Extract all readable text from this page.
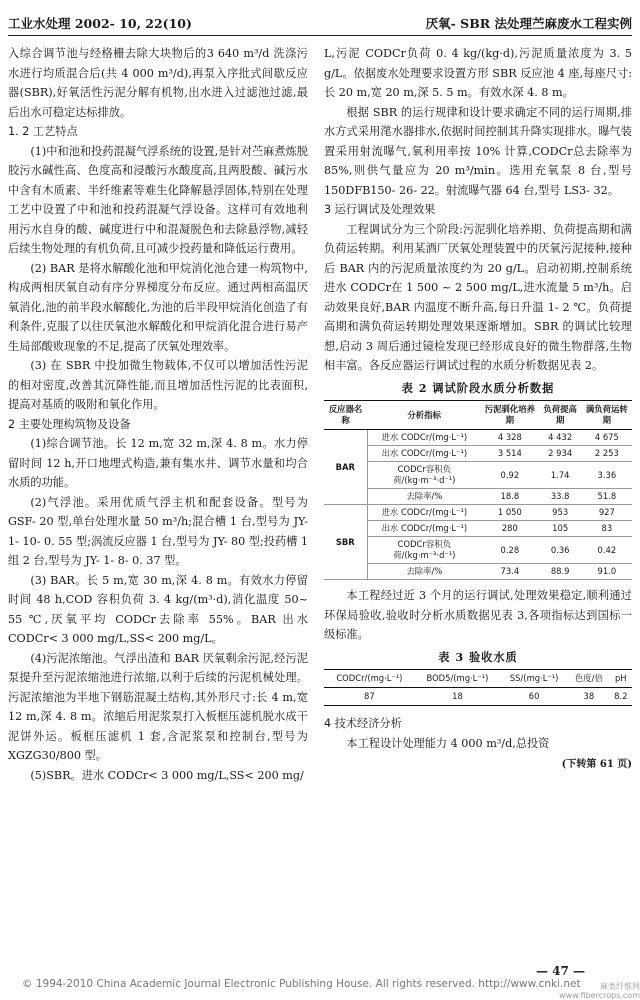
工业水处理 2002- 10, 22(10)	厌氧- SBR 法处理苎麻废水工程实例

入综合调节池与经格栅去除大块物后的3 640 m³/d 洗涤污水进行均质混合后(共 4 000 m³/d),再泵入序批式间歇反应器(SBR),好氧活性污泥分解有机物,出水进入过滤池过滤,最后出水可稳定达标排放。

1. 2 工艺特点

(1)中和池和投药混凝气浮系统的设置,是针对苎麻煮炼脱胶污水碱性高、色度高和浸酸污水酸度高,且两股酸、碱污水中含有木质素、半纤维素等难生化降解悬浮固体,特别在处理工艺中设置了中和池和投药混凝气浮设备。这样可有效地利用污水自身的酸、碱度进行中和混凝脱色和去除悬浮物,减轻后续生物处理的有机负荷,且可减少投药量和降低运行费用。

(2) BAR 是将水解酸化池和甲烷消化池合建一构筑物中,构成两相厌氧自动有序分界梯度分布反应。通过两相高温厌氧消化,池的前半段水解酸化,为池的后半段甲烷消化创造了有利条件,克服了以往厌氧池水解酸化和甲烷消化混合进行易产生局部酸败现象的不足,提高了厌氧处理效率。

(3) 在 SBR 中投加微生物载体,不仅可以增加活性污泥的相对密度,改善其沉降性能,而且增加活性污泥的比表面积,提高对基质的吸附和氧化作用。

2 主要处理构筑物及设备

(1)综合调节池。长 12 m,宽 32 m,深 4. 8 m。水力停留时间 12 h,开口地埋式构造,兼有集水井、调节水量和均合水质的功能。

(2)气浮池。采用优质气浮主机和配套设备。型号为 GSF- 20 型,单台处理水量 50 m³/h;混合槽 1 台,型号为 JY- 1- 10- 0. 55 型;涡流反应器 1 台,型号为 JY- 80 型;投药槽 1 组 2 台,型号为 JY- 1- 8- 0. 37 型。

(3) BAR。长 5 m,宽 30 m,深 4. 8 m。有效水力停留时间 48 h,COD 容积负荷 3. 4 kg/(m³·d),消化温度 50~ 55 ℃,厌氧平均 CODCr去除率 55%。BAR 出水 CODCr< 3 000 mg/L,SS< 200 mg/L。

(4)污泥浓缩池。气浮出渣和 BAR 厌氧剩余污泥,经污泥泵提升至污泥浓缩池进行浓缩,以利于后续的污泥机械处理。污泥浓缩池为半地下钢筋混凝土结构,其外形尺寸:长 4 m,宽 12 m,深 4. 8 m。浓缩后用泥浆泵打入板框压滤机脱水成干泥饼外运。板框压滤机 1 套,含泥浆泵和控制台,型号为 XGZG30/800 型。

(5)SBR。进水 CODCr< 3 000 mg/L,SS< 200 mg/

L,污泥 CODCr负荷 0. 4 kg/(kg·d),污泥质量浓度为 3. 5 g/L。依据废水处理要求设置方形 SBR 反应池 4 座,每座尺寸:长 20 m,宽 20 m,深 5. 5 m。有效水深 4. 8 m。

根据 SBR 的运行规律和设计要求确定不同的运行周期,排水方式采用滗水器排水,依据时间控制其升降实现排水。曝气装置采用射流曝气,氧利用率按 10% 计算,CODCr总去除率为 85%,则供气量应为 20 m³/min。选用充氧泵 8 台,型号 150DFB150- 26- 22。射流曝气器 64 台,型号 LS3- 32。

3 运行调试及处理效果

工程调试分为三个阶段:污泥驯化培养期、负荷提高期和满负荷运转期。利用某酒厂厌氧处理装置中的厌氧污泥接种,接种后 BAR 内的污泥质量浓度约为 20 g/L。启动初期,控制系统进水 CODCr在 1 500 ~ 2 500 mg/L,进水流量 5 m³/h。启动效果良好,BAR 内温度不断升高,每日升温 1- 2 ℃。负荷提高期和满负荷运转期处理效果逐渐增加。SBR 的调试比较理想,启动 3 周后通过镜检发现已经形成良好的微生物群落,生物相丰富。各反应器运行调试过程的水质分析数据见表 2。

表 2 调试阶段水质分析数据
反应器名称	分析指标	污泥驯化培养期	负荷提高期	满负荷运转期
BAR	进水 CODCr/(mg·L⁻¹)	4 328	4 432	4 675
	出水 CODCr/(mg·L⁻¹)	3 514	2 934	2 253
	CODCr容积负荷/(kg·m⁻³·d⁻¹)	0.92	1.74	3.36
	去除率/%	18.8	33.8	51.8
SBR	进水 CODCr/(mg·L⁻¹)	1 050	953	927
	出水 CODCr/(mg·L⁻¹)	280	105	83
	CODCr容积负荷/(kg·m⁻³·d⁻¹)	0.28	0.36	0.42
	去除率/%	73.4	88.9	91.0

本工程经过近 3 个月的运行调试,处理效果稳定,顺利通过环保局验收,验收时分析水质数据见表 3,各项指标达到国标一级标准。

表 3 验收水质
CODCr/(mg·L⁻¹)	BOD5/(mg·L⁻¹)	SS/(mg·L⁻¹)	色度/倍	pH
87	18	60	38	8.2
4 技术经济分析

本工程设计处理能力 4 000 m³/d,总投资

(下转第 61 页)
— 47 —
© 1994-2010 China Academic Journal Electronic Publishing House. All rights reserved. http://www.cnki.net	麻类纤维网 www.fibercrops.com
